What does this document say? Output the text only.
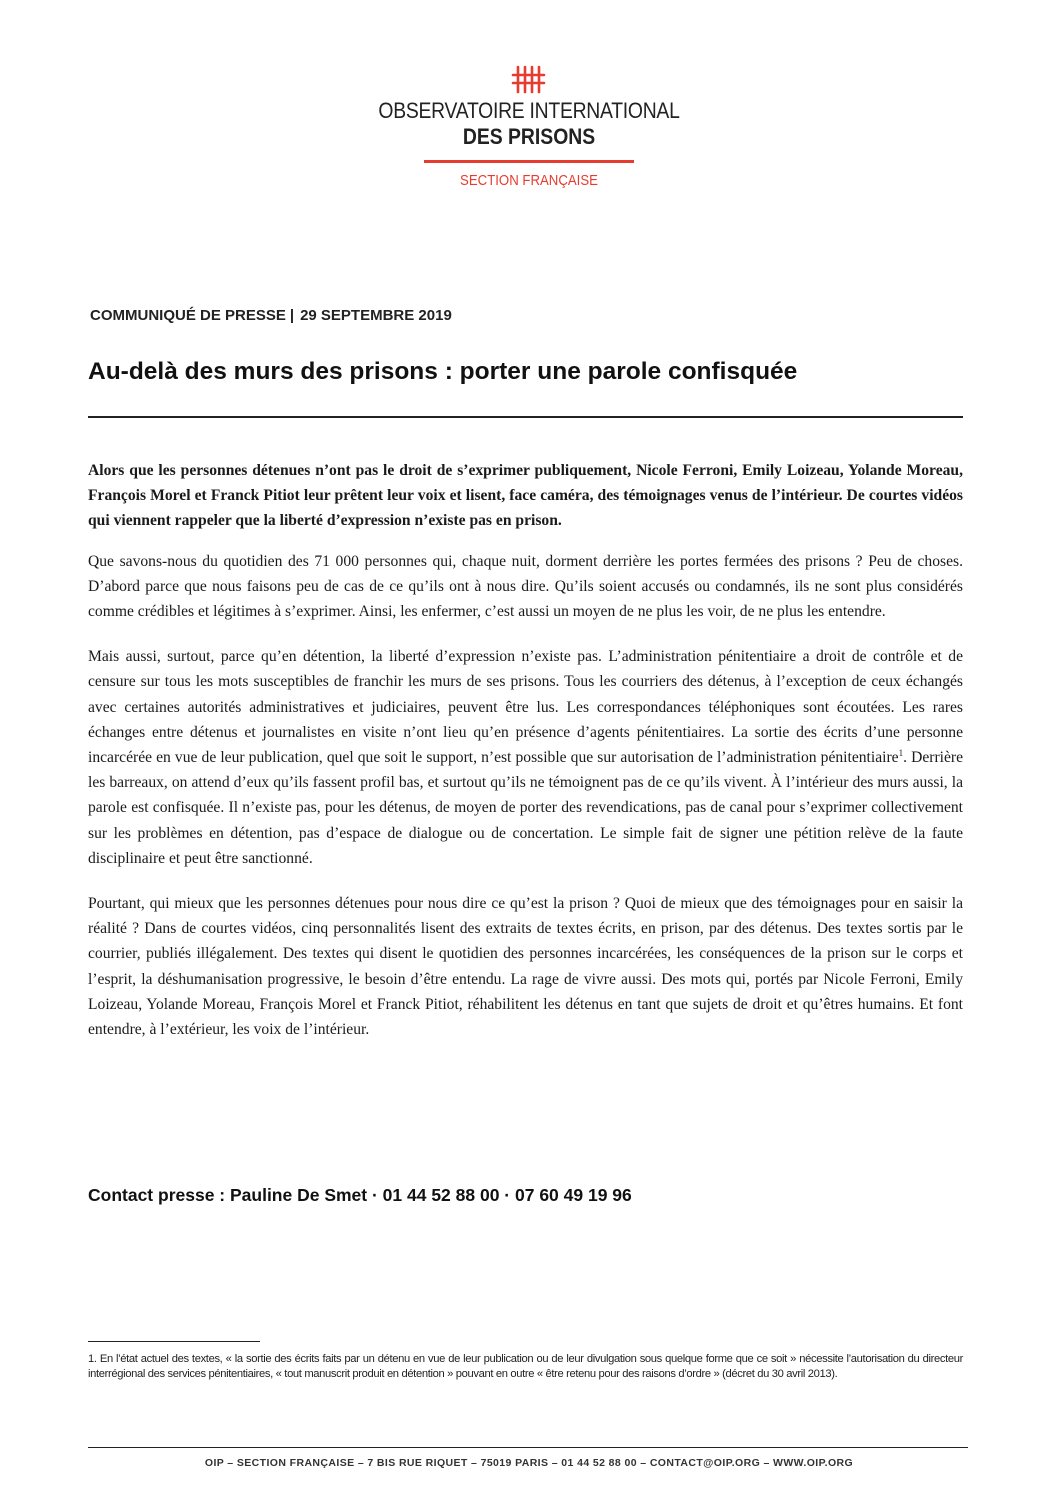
OBSERVATOIRE INTERNATIONAL
DES PRISONS
SECTION FRANÇAISE
COMMUNIQUÉ DE PRESSE | 29 SEPTEMBRE 2019
Au-delà des murs des prisons : porter une parole confisquée

Alors que les personnes détenues n’ont pas le droit de s’exprimer publiquement, Nicole Ferroni, Emily Loizeau, Yolande Moreau, François Morel et Franck Pitiot leur prêtent leur voix et lisent, face caméra, des témoignages venus de l’intérieur. De courtes vidéos qui viennent rappeler que la liberté d’expression n’existe pas en prison.

Que savons-nous du quotidien des 71 000 personnes qui, chaque nuit, dorment derrière les portes fermées des prisons ? Peu de choses. D’abord parce que nous faisons peu de cas de ce qu’ils ont à nous dire. Qu’ils soient accusés ou condamnés, ils ne sont plus considérés comme crédibles et légitimes à s’exprimer. Ainsi, les enfermer, c’est aussi un moyen de ne plus les voir, de ne plus les entendre.

Mais aussi, surtout, parce qu’en détention, la liberté d’expression n’existe pas. L’administration pénitentiaire a droit de contrôle et de censure sur tous les mots susceptibles de franchir les murs de ses prisons. Tous les courriers des détenus, à l’exception de ceux échangés avec certaines autorités administratives et judiciaires, peuvent être lus. Les correspondances téléphoniques sont écoutées. Les rares échanges entre détenus et journalistes en visite n’ont lieu qu’en présence d’agents pénitentiaires. La sortie des écrits d’une personne incarcérée en vue de leur publication, quel que soit le support, n’est possible que sur autorisation de l’administration pénitentiaire$^1$. Derrière les barreaux, on attend d’eux qu’ils fassent profil bas, et surtout qu’ils ne témoignent pas de ce qu’ils vivent. À l’intérieur des murs aussi, la parole est confisquée. Il n’existe pas, pour les détenus, de moyen de porter des revendications, pas de canal pour s’exprimer collectivement sur les problèmes en détention, pas d’espace de dialogue ou de concertation. Le simple fait de signer une pétition relève de la faute disciplinaire et peut être sanctionné.

Pourtant, qui mieux que les personnes détenues pour nous dire ce qu’est la prison ? Quoi de mieux que des témoignages pour en saisir la réalité ? Dans de courtes vidéos, cinq personnalités lisent des extraits de textes écrits, en prison, par des détenus. Des textes sortis par le courrier, publiés illégalement. Des textes qui disent le quotidien des personnes incarcérées, les conséquences de la prison sur le corps et l’esprit, la déshumanisation progressive, le besoin d’être entendu. La rage de vivre aussi. Des mots qui, portés par Nicole Ferroni, Emily Loizeau, Yolande Moreau, François Morel et Franck Pitiot, réhabilitent les détenus en tant que sujets de droit et qu’êtres humains. Et font entendre, à l’extérieur, les voix de l’intérieur.

Contact presse : Pauline De Smet · 01 44 52 88 00 · 07 60 49 19 96

1. En l’état actuel des textes, « la sortie des écrits faits par un détenu en vue de leur publication ou de leur divulgation sous quelque forme que ce soit » nécessite l’autorisation du directeur interrégional des services pénitentiaires, « tout manuscrit produit en détention » pouvant en outre « être retenu pour des raisons d’ordre » (décret du 30 avril 2013).

OIP – SECTION FRANÇAISE – 7 BIS RUE RIQUET – 75019 PARIS – 01 44 52 88 00 – CONTACT@OIP.ORG – WWW.OIP.ORG
